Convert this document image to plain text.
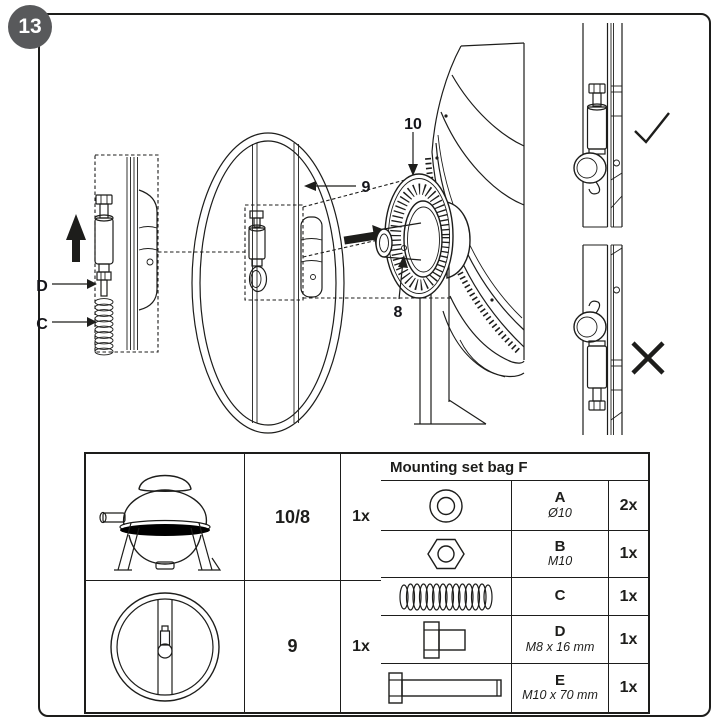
13
D
C
10
9
8
10/8	1x
9	1x
Mounting set bag F
A
Ø10	2x
B
M10	1x
C	1x
D
M8 x 16 mm	1x
E
M10 x 70 mm	1x
